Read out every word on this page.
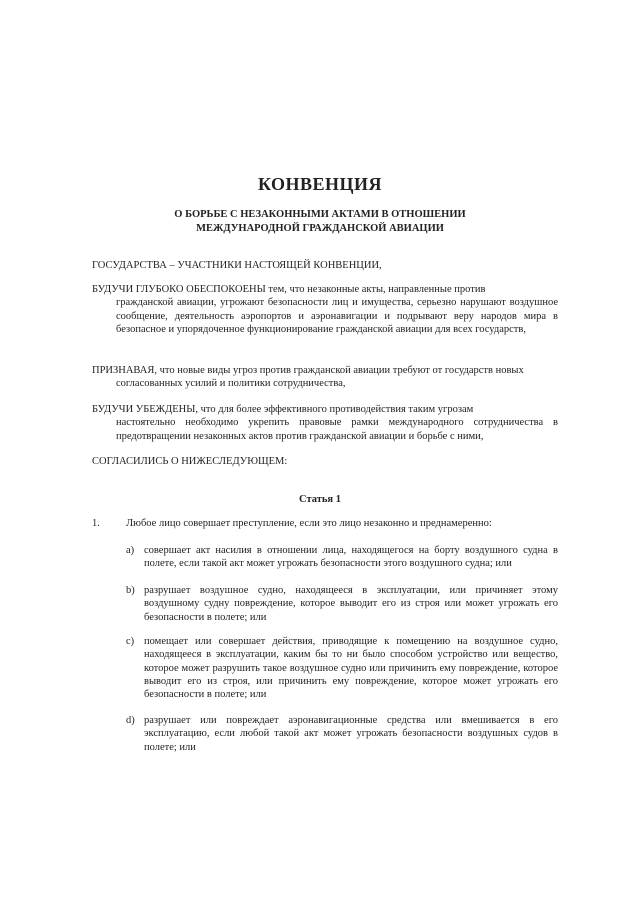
КОНВЕНЦИЯ
О БОРЬБЕ С НЕЗАКОННЫМИ АКТАМИ В ОТНОШЕНИИ
МЕЖДУНАРОДНОЙ ГРАЖДАНСКОЙ АВИАЦИИ
ГОСУДАРСТВА – УЧАСТНИКИ НАСТОЯЩЕЙ КОНВЕНЦИИ,
БУДУЧИ ГЛУБОКО ОБЕСПОКОЕНЫ тем, что незаконные акты, направленные против
гражданской авиации, угрожают безопасности лиц и имущества, серьезно нарушают воздушное сообщение, деятельность аэропортов и аэронавигации и подрывают веру народов мира в безопасное и упорядоченное функционирование гражданской авиации для всех государств,
ПРИЗНАВАЯ, что новые виды угроз против гражданской авиации требуют от государств новых
согласованных усилий и политики сотрудничества,
БУДУЧИ УБЕЖДЕНЫ, что для более эффективного противодействия таким угрозам
настоятельно необходимо укрепить правовые рамки международного сотрудничества в предотвращении незаконных актов против гражданской авиации и борьбе с ними,
СОГЛАСИЛИСЬ О НИЖЕСЛЕДУЮЩЕМ:
Статья 1
1. Любое лицо совершает преступление, если это лицо незаконно и преднамеренно:
a) совершает акт насилия в отношении лица, находящегося на борту воздушного судна в полете, если такой акт может угрожать безопасности этого воздушного судна; или
b) разрушает воздушное судно, находящееся в эксплуатации, или причиняет этому воздушному судну повреждение, которое выводит его из строя или может угрожать его безопасности в полете; или
c) помещает или совершает действия, приводящие к помещению на воздушное судно, находящееся в эксплуатации, каким бы то ни было способом устройство или вещество, которое может разрушить такое воздушное судно или причинить ему повреждение, которое выводит его из строя, или причинить ему повреждение, которое может угрожать его безопасности в полете; или
d) разрушает или повреждает аэронавигационные средства или вмешивается в его эксплуатацию, если любой такой акт может угрожать безопасности воздушных судов в полете; или
